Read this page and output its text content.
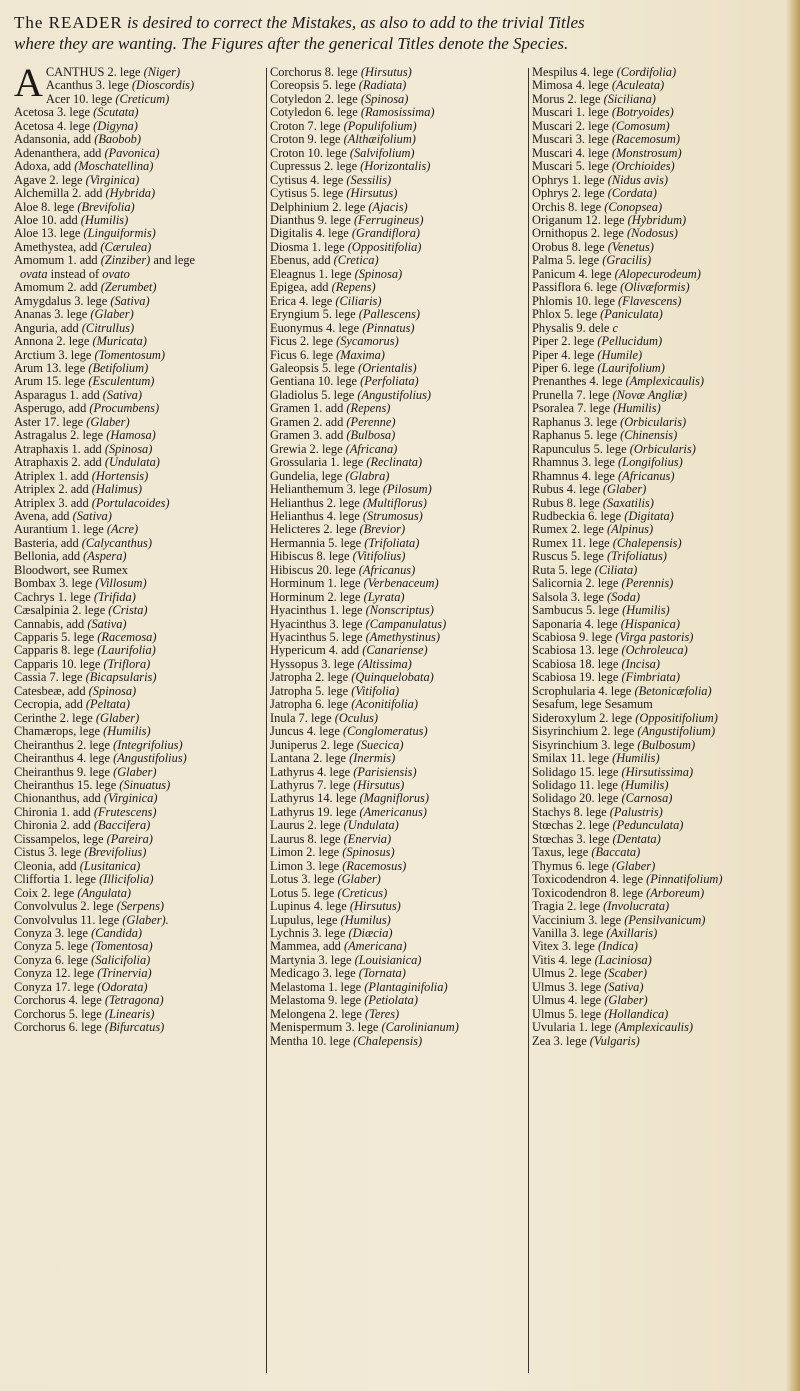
The READER is desired to correct the Mistakes, as also to add to the trivial Titles
where they are wanting. The Figures after the generical Titles denote the Species.
ACANTHUS 2. lege (Niger)
Acanthus 3. lege (Dioscordis)
Acer 10. lege (Creticum)
Acetosa 3. lege (Scutata)
Acetosa 4. lege (Digyna)
Adansonia, add (Baobob)
Adenanthera, add (Pavonica)
Adoxa, add (Moschatellina)
Agave 2. lege (Virginica)
Alchemilla 2. add (Hybrida)
Aloe 8. lege (Brevifolia)
Aloe 10. add (Humilis)
Aloe 13. lege (Linguiformis)
Amethystea, add (Cærulea)
Amomum 1. add (Zinziber) and lege
ovata instead of ovato
Amomum 2. add (Zerumbet)
Amygdalus 3. lege (Sativa)
Ananas 3. lege (Glaber)
Anguria, add (Citrullus)
Annona 2. lege (Muricata)
Arctium 3. lege (Tomentosum)
Arum 13. lege (Betifolium)
Arum 15. lege (Esculentum)
Asparagus 1. add (Sativa)
Asperugo, add (Procumbens)
Aster 17. lege (Glaber)
Astragalus 2. lege (Hamosa)
Atraphaxis 1. add (Spinosa)
Atraphaxis 2. add (Undulata)
Atriplex 1. add (Hortensis)
Atriplex 2. add (Halimus)
Atriplex 3. add (Portulacoides)
Avena, add (Sativa)
Aurantium 1. lege (Acre)
Basteria, add (Calycanthus)
Bellonia, add (Aspera)
Bloodwort, see Rumex
Bombax 3. lege (Villosum)
Cachrys 1. lege (Trifida)
Cæsalpinia 2. lege (Crista)
Cannabis, add (Sativa)
Capparis 5. lege (Racemosa)
Capparis 8. lege (Laurifolia)
Capparis 10. lege (Triflora)
Cassia 7. lege (Bicapsularis)
Catesbeæ, add (Spinosa)
Cecropia, add (Peltata)
Cerinthe 2. lege (Glaber)
Chamærops, lege (Humilis)
Cheiranthus 2. lege (Integrifolius)
Cheiranthus 4. lege (Angustifolius)
Cheiranthus 9. lege (Glaber)
Cheiranthus 15. lege (Sinuatus)
Chionanthus, add (Virginica)
Chironia 1. add (Frutescens)
Chironia 2. add (Baccifera)
Cissampelos, lege (Pareira)
Cistus 3. lege (Brevifolius)
Cleonia, add (Lusitanica)
Cliffortia 1. lege (Illicifolia)
Coix 2. lege (Angulata)
Convolvulus 2. lege (Serpens)
Convolvulus 11. lege (Glaber).
Conyza 3. lege (Candida)
Conyza 5. lege (Tomentosa)
Conyza 6. lege (Salicifolia)
Conyza 12. lege (Trinervia)
Conyza 17. lege (Odorata)
Corchorus 4. lege (Tetragona)
Corchorus 5. lege (Linearis)
Corchorus 6. lege (Bifurcatus)
Corchorus 8. lege (Hirsutus)
Coreopsis 5. lege (Radiata)
Cotyledon 2. lege (Spinosa)
Cotyledon 6. lege (Ramosissima)
Croton 7. lege (Populifolium)
Croton 9. lege (Althæifolium)
Croton 10. lege (Salvifolium)
Cupressus 2. lege (Horizontalis)
Cytisus 4. lege (Sessilis)
Cytisus 5. lege (Hirsutus)
Delphinium 2. lege (Ajacis)
Dianthus 9. lege (Ferrugineus)
Digitalis 4. lege (Grandiflora)
Diosma 1. lege (Oppositifolia)
Ebenus, add (Cretica)
Eleagnus 1. lege (Spinosa)
Epigea, add (Repens)
Erica 4. lege (Ciliaris)
Eryngium 5. lege (Pallescens)
Euonymus 4. lege (Pinnatus)
Ficus 2. lege (Sycamorus)
Ficus 6. lege (Maxima)
Galeopsis 5. lege (Orientalis)
Gentiana 10. lege (Perfoliata)
Gladiolus 5. lege (Angustifolius)
Gramen 1. add (Repens)
Gramen 2. add (Perenne)
Gramen 3. add (Bulbosa)
Grewia 2. lege (Africana)
Grossularia 1. lege (Reclinata)
Gundelia, lege (Glabra)
Helianthemum 3. lege (Pilosum)
Helianthus 2. lege (Multiflorus)
Helianthus 4. lege (Strumosus)
Helicteres 2. lege (Brevior)
Hermannia 5. lege (Trifoliata)
Hibiscus 8. lege (Vitifolius)
Hibiscus 20. lege (Africanus)
Horminum 1. lege (Verbenaceum)
Horminum 2. lege (Lyrata)
Hyacinthus 1. lege (Nonscriptus)
Hyacinthus 3. lege (Campanulatus)
Hyacinthus 5. lege (Amethystinus)
Hypericum 4. add (Canariense)
Hyssopus 3. lege (Altissima)
Jatropha 2. lege (Quinquelobata)
Jatropha 5. lege (Vitifolia)
Jatropha 6. lege (Aconitifolia)
Inula 7. lege (Oculus)
Juncus 4. lege (Conglomeratus)
Juniperus 2. lege (Suecica)
Lantana 2. lege (Inermis)
Lathyrus 4. lege (Parisiensis)
Lathyrus 7. lege (Hirsutus)
Lathyrus 14. lege (Magniflorus)
Lathyrus 19. lege (Americanus)
Laurus 2. lege (Undulata)
Laurus 8. lege (Enervia)
Limon 2. lege (Spinosus)
Limon 3. lege (Racemosus)
Lotus 3. lege (Glaber)
Lotus 5. lege (Creticus)
Lupinus 4. lege (Hirsutus)
Lupulus, lege (Humilus)
Lychnis 3. lege (Diæcia)
Mammea, add (Americana)
Martynia 3. lege (Louisianica)
Medicago 3. lege (Tornata)
Melastoma 1. lege (Plantaginifolia)
Melastoma 9. lege (Petiolata)
Melongena 2. lege (Teres)
Menispermum 3. lege (Carolinianum)
Mentha 10. lege (Chalepensis)
Mespilus 4. lege (Cordifolia)
Mimosa 4. lege (Aculeata)
Morus 2. lege (Siciliana)
Muscari 1. lege (Botryoides)
Muscari 2. lege (Comosum)
Muscari 3. lege (Racemosum)
Muscari 4. lege (Monstrosum)
Muscari 5. lege (Orchioides)
Ophrys 1. lege (Nidus avis)
Ophrys 2. lege (Cordata)
Orchis 8. lege (Conopsea)
Origanum 12. lege (Hybridum)
Ornithopus 2. lege (Nodosus)
Orobus 8. lege (Venetus)
Palma 5. lege (Gracilis)
Panicum 4. lege (Alopecurodeum)
Passiflora 6. lege (Olivæformis)
Phlomis 10. lege (Flavescens)
Phlox 5. lege (Paniculata)
Physalis 9. dele c
Piper 2. lege (Pellucidum)
Piper 4. lege (Humile)
Piper 6. lege (Laurifolium)
Prenanthes 4. lege (Amplexicaulis)
Prunella 7. lege (Novæ Angliæ)
Psoralea 7. lege (Humilis)
Raphanus 3. lege (Orbicularis)
Raphanus 5. lege (Chinensis)
Rapunculus 5. lege (Orbicularis)
Rhamnus 3. lege (Longifolius)
Rhamnus 4. lege (Africanus)
Rubus 4. lege (Glaber)
Rubus 8. lege (Saxatilis)
Rudbeckia 6. lege (Digitata)
Rumex 2. lege (Alpinus)
Rumex 11. lege (Chalepensis)
Ruscus 5. lege (Trifoliatus)
Ruta 5. lege (Ciliata)
Salicornia 2. lege (Perennis)
Salsola 3. lege (Soda)
Sambucus 5. lege (Humilis)
Saponaria 4. lege (Hispanica)
Scabiosa 9. lege (Virga pastoris)
Scabiosa 13. lege (Ochroleuca)
Scabiosa 18. lege (Incisa)
Scabiosa 19. lege (Fimbriata)
Scrophularia 4. lege (Betonicæfolia)
Sesafum, lege Sesamum
Sideroxylum 2. lege (Oppositifolium)
Sisyrinchium 2. lege (Angustifolium)
Sisyrinchium 3. lege (Bulbosum)
Smilax 11. lege (Humilis)
Solidago 15. lege (Hirsutissima)
Solidago 11. lege (Humilis)
Solidago 20. lege (Carnosa)
Stachys 8. lege (Palustris)
Stœchas 2. lege (Pedunculata)
Stœchas 3. lege (Dentata)
Taxus, lege (Baccata)
Thymus 6. lege (Glaber)
Toxicodendron 4. lege (Pinnatifolium)
Toxicodendron 8. lege (Arboreum)
Tragia 2. lege (Involucrata)
Vaccinium 3. lege (Pensilvanicum)
Vanilla 3. lege (Axillaris)
Vitex 3. lege (Indica)
Vitis 4. lege (Laciniosa)
Ulmus 2. lege (Scaber)
Ulmus 3. lege (Sativa)
Ulmus 4. lege (Glaber)
Ulmus 5. lege (Hollandica)
Uvularia 1. lege (Amplexicaulis)
Zea 3. lege (Vulgaris)
